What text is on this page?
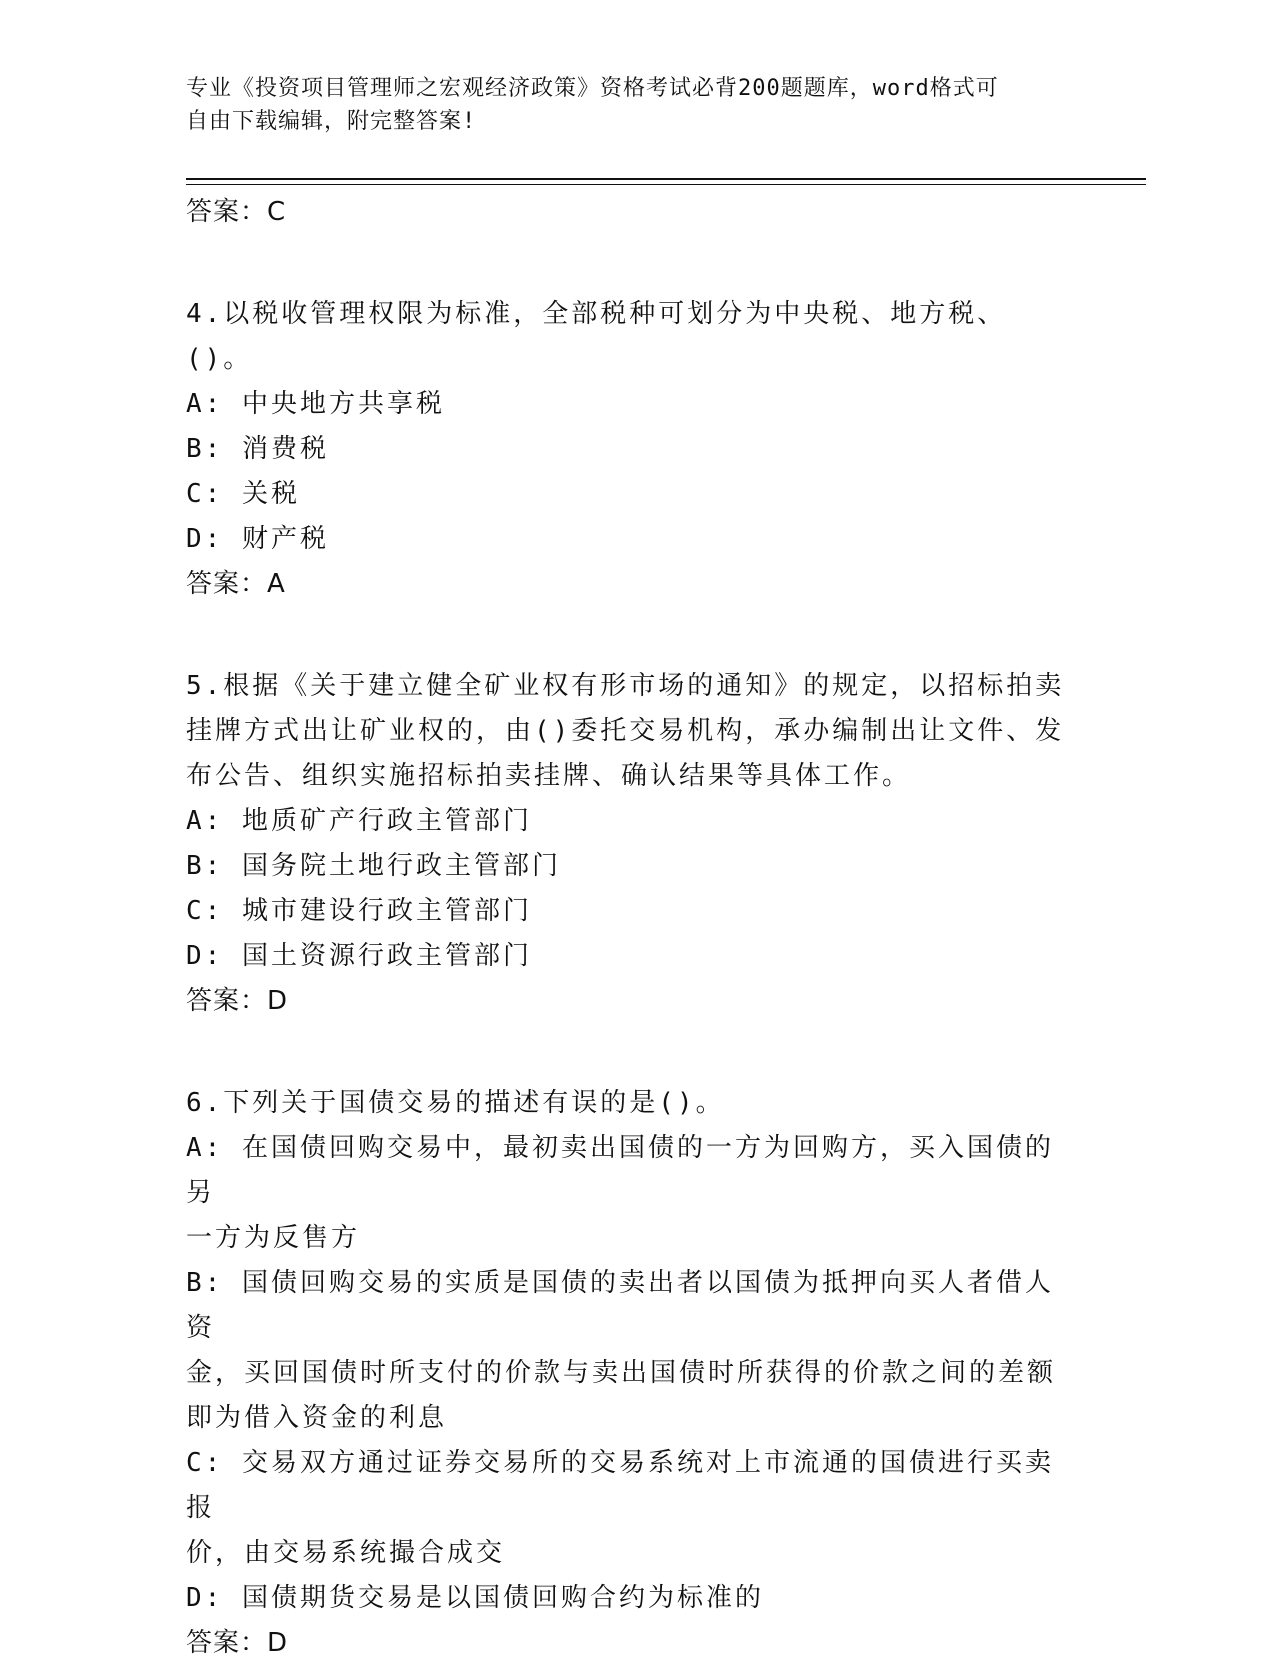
专业《投资项目管理师之宏观经济政策》资格考试必背200题题库，word格式可
自由下载编辑，附完整答案!
答案：C
4.以税收管理权限为标准，全部税种可划分为中央税、地方税、()。
A: 中央地方共享税
B: 消费税
C: 关税
D: 财产税
答案：A
5.根据《关于建立健全矿业权有形市场的通知》的规定，以招标拍卖
挂牌方式出让矿业权的，由()委托交易机构，承办编制出让文件、发
布公告、组织实施招标拍卖挂牌、确认结果等具体工作。
A: 地质矿产行政主管部门
B: 国务院土地行政主管部门
C: 城市建设行政主管部门
D: 国土资源行政主管部门
答案：D
6.下列关于国债交易的描述有误的是()。
A: 在国债回购交易中，最初卖出国债的一方为回购方，买入国债的另
一方为反售方
B: 国债回购交易的实质是国债的卖出者以国债为抵押向买人者借人资
金，买回国债时所支付的价款与卖出国债时所获得的价款之间的差额
即为借入资金的利息
C: 交易双方通过证券交易所的交易系统对上市流通的国债进行买卖报
价，由交易系统撮合成交
D: 国债期货交易是以国债回购合约为标准的
答案：D
